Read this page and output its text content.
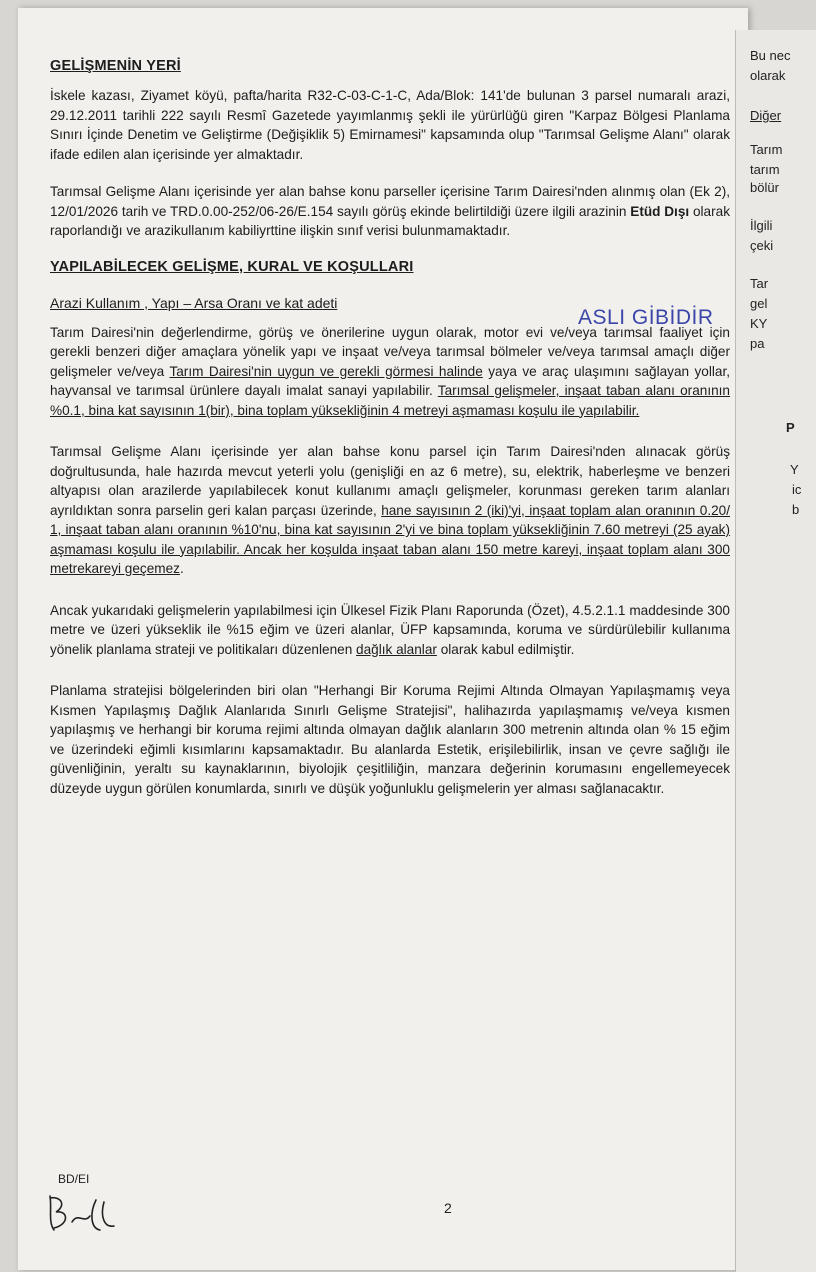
Bu nec
olarak
Diğer
Tarım
tarım
bölür
İlgili
çeki
Tar
gel
KY
pa
P
Y
ic
b
GELİŞMENİN YERİ

İskele kazası, Ziyamet köyü, pafta/harita R32-C-03-C-1-C, Ada/Blok: 141'de bulunan 3 parsel numaralı arazi, 29.12.2011 tarihli 222 sayılı Resmî Gazetede yayımlanmış şekli ile yürürlüğü giren "Karpaz Bölgesi Planlama Sınırı İçinde Denetim ve Geliştirme (Değişiklik 5) Emirnamesi" kapsamında olup "Tarımsal Gelişme Alanı" olarak ifade edilen alan içerisinde yer almaktadır.

Tarımsal Gelişme Alanı içerisinde yer alan bahse konu parseller içerisine Tarım Dairesi'nden alınmış olan (Ek 2), 12/01/2026 tarih ve TRD.0.00-252/06-26/E.154 sayılı görüş ekinde belirtildiği üzere ilgili arazinin Etüd Dışı olarak raporlandığı ve arazikullanım kabiliyrttine ilişkin sınıf verisi bulunmamaktadır.

YAPILABİLECEK GELİŞME, KURAL VE KOŞULLARI

Arazi Kullanım , Yapı – Arsa Oranı ve kat adeti

Tarım Dairesi'nin değerlendirme, görüş ve önerilerine uygun olarak, motor evi ve/veya tarımsal faaliyet için gerekli benzeri diğer amaçlara yönelik yapı ve inşaat ve/veya tarımsal bölmeler ve/veya tarımsal amaçlı diğer gelişmeler ve/veya Tarım Dairesi'nin uygun ve gerekli görmesi halinde yaya ve araç ulaşımını sağlayan yollar, hayvansal ve tarımsal ürünlere dayalı imalat sanayi yapılabilir. Tarımsal gelişmeler, inşaat taban alanı oranının %0.1, bina kat sayısının 1(bir), bina toplam yüksekliğinin 4 metreyi aşmaması koşulu ile yapılabilir.

Tarımsal Gelişme Alanı içerisinde yer alan bahse konu parsel için Tarım Dairesi'nden alınacak görüş doğrultusunda, hale hazırda mevcut yeterli yolu (genişliği en az 6 metre), su, elektrik, haberleşme ve benzeri altyapısı olan arazilerde yapılabilecek konut kullanımı amaçlı gelişmeler, korunması gereken tarım alanları ayrıldıktan sonra parselin geri kalan parçası üzerinde, hane sayısının 2 (iki)'yi, inşaat toplam alan oranının 0.20/ 1, inşaat taban alanı oranının %10'nu, bina kat sayısının 2'yi ve bina toplam yüksekliğinin 7.60 metreyi (25 ayak) aşmaması koşulu ile yapılabilir. Ancak her koşulda inşaat taban alanı 150 metre kareyi, inşaat toplam alanı 300 metrekareyi geçemez.

Ancak yukarıdaki gelişmelerin yapılabilmesi için Ülkesel Fizik Planı Raporunda (Özet), 4.5.2.1.1 maddesinde 300 metre ve üzeri yükseklik ile %15 eğim ve üzeri alanlar, ÜFP kapsamında, koruma ve sürdürülebilir kullanıma yönelik planlama strateji ve politikaları düzenlenen dağlık alanlar olarak kabul edilmiştir.

Planlama stratejisi bölgelerinden biri olan "Herhangi Bir Koruma Rejimi Altında Olmayan Yapılaşmamış veya Kısmen Yapılaşmış Dağlık Alanlarıda Sınırlı Gelişme Stratejisi", halihazırda yapılaşmamış ve/veya kısmen yapılaşmış ve herhangi bir koruma rejimi altında olmayan dağlık alanların 300 metrenin altında olan % 15 eğim ve üzerindeki eğimli kısımlarını kapsamaktadır. Bu alanlarda Estetik, erişilebilirlik, insan ve çevre sağlığı ile güvenliğinin, yeraltı su kaynaklarının, biyolojik çeşitliliğin, manzara değerinin korumasını engellemeyecek düzeyde uygun görülen konumlarda, sınırlı ve düşük yoğunluklu gelişmelerin yer alması sağlanacaktır.

ASLI GİBİDİR
BD/EI
2
